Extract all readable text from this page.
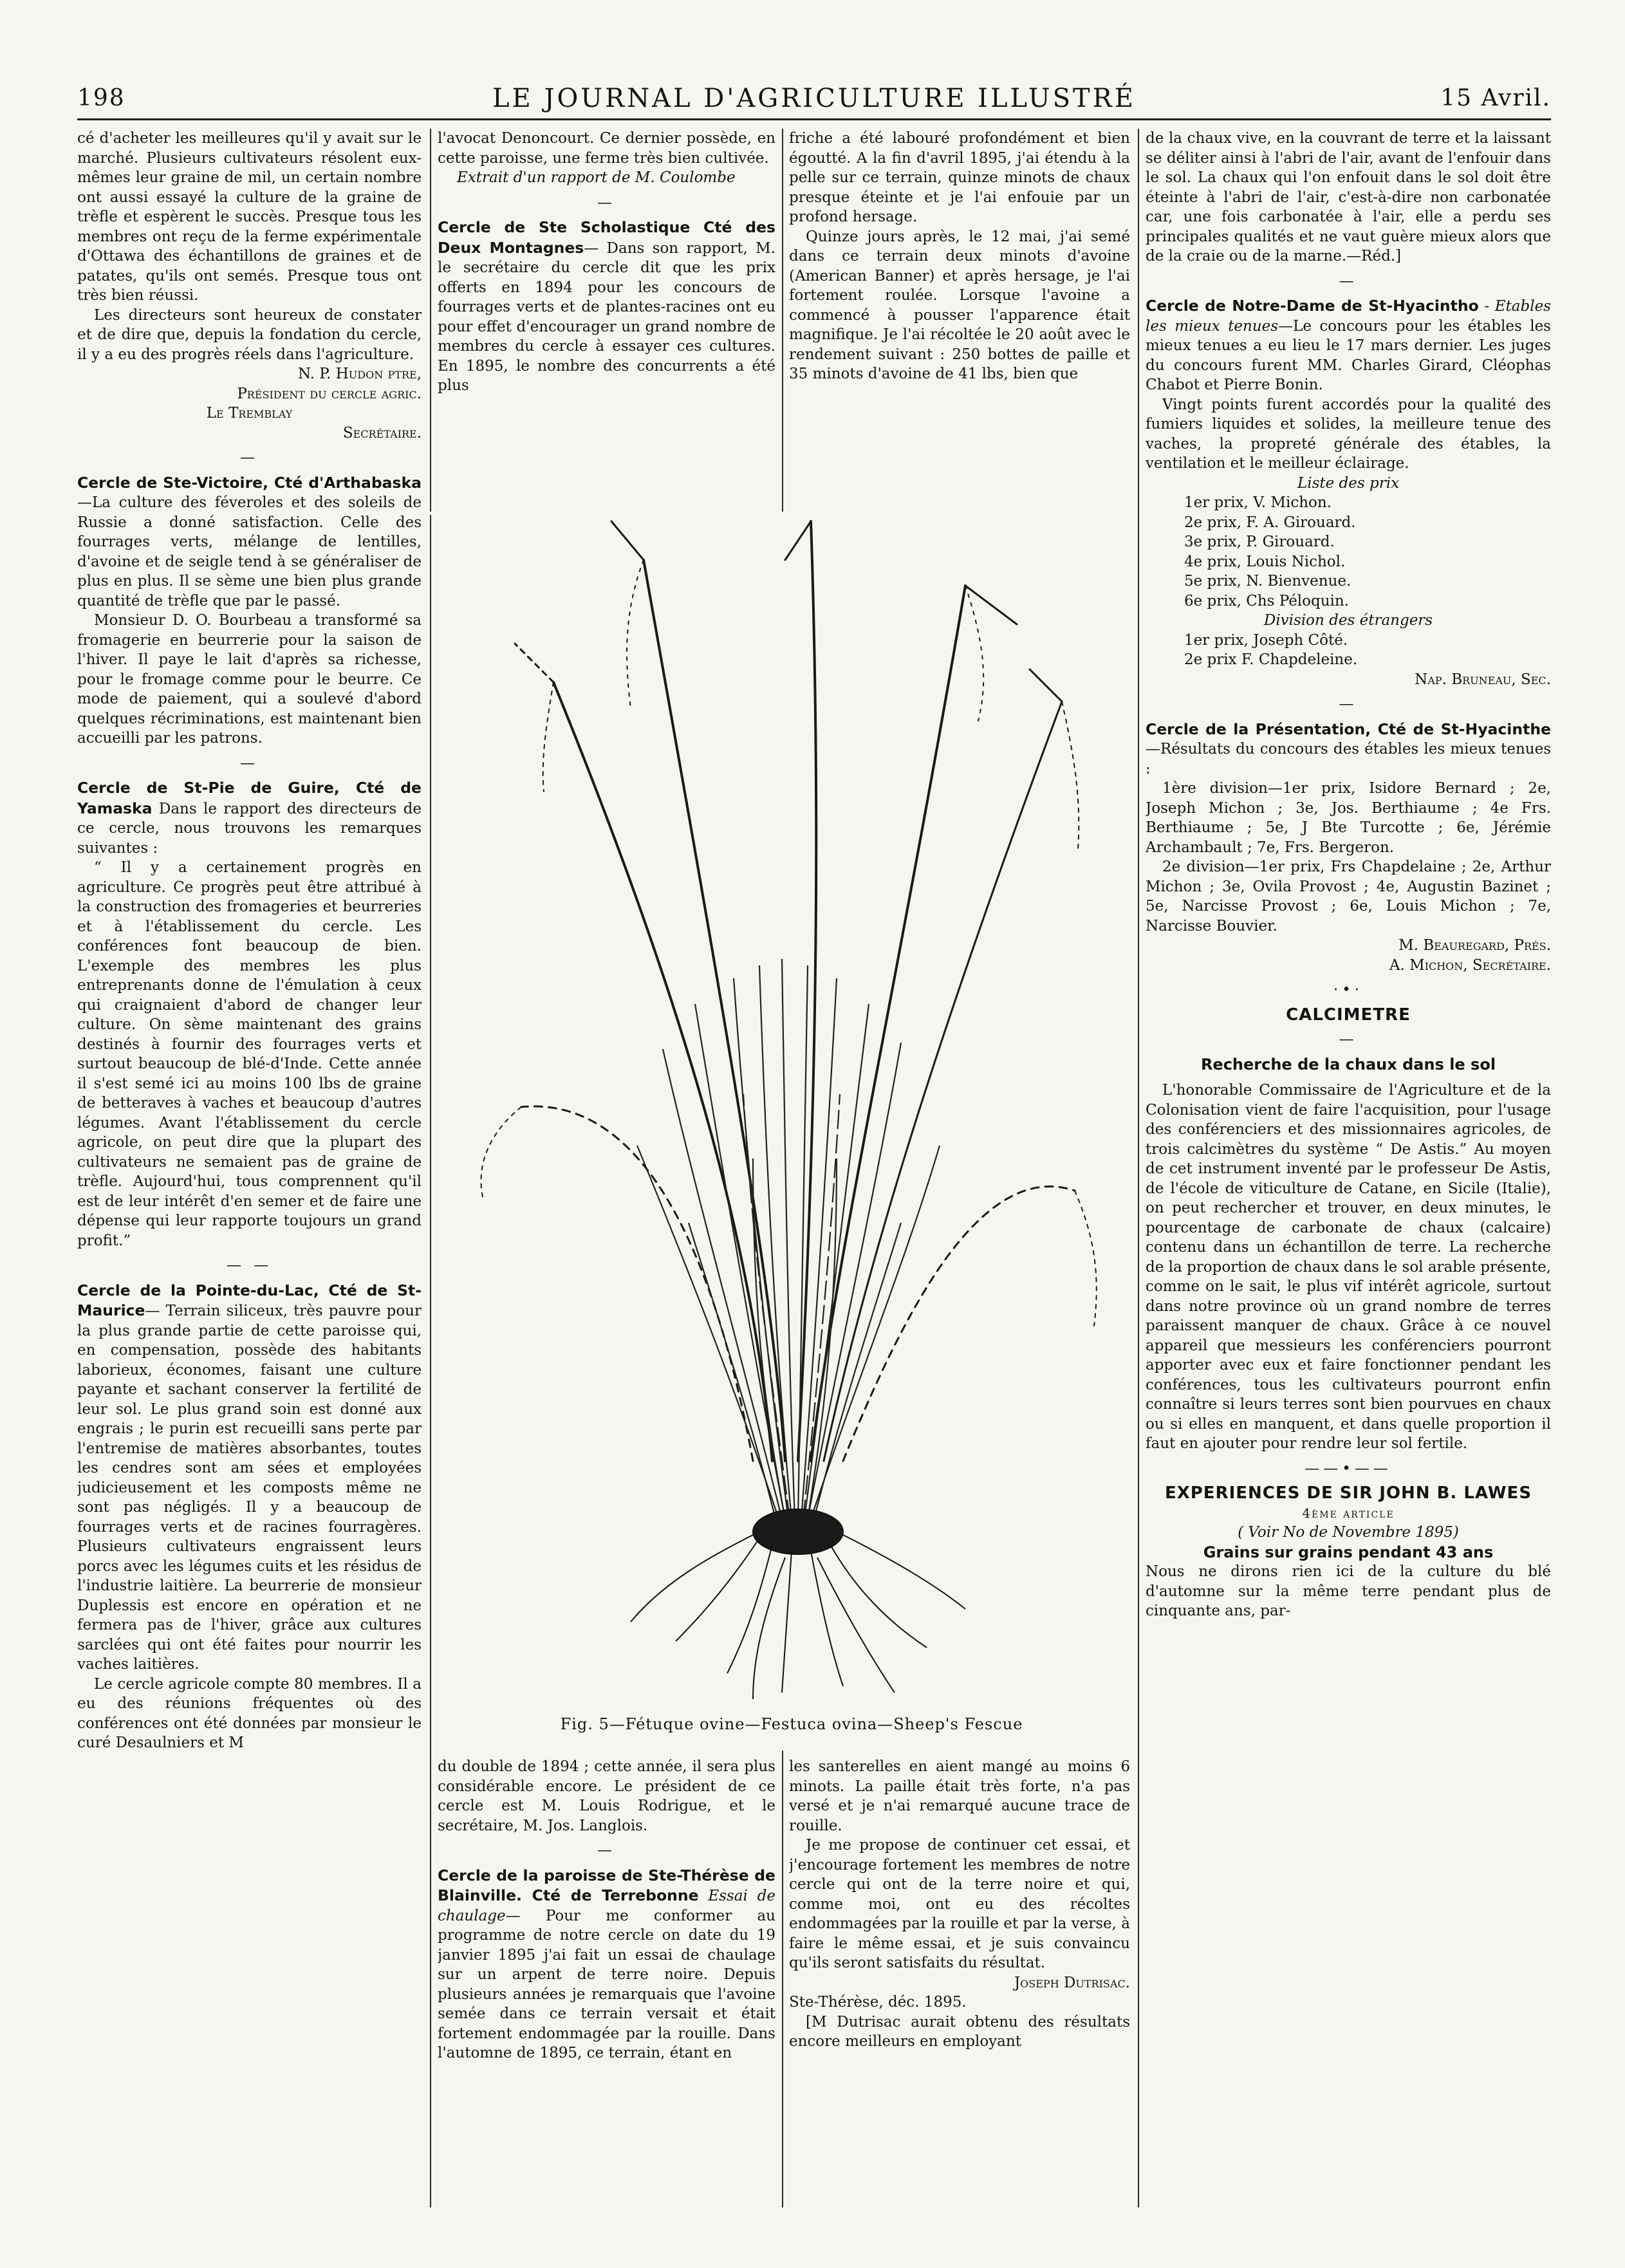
198	LE JOURNAL D'AGRICULTURE ILLUSTRÉ	15 Avril.

cé d'acheter les meilleures qu'il y avait sur le marché. Plusieurs cultivateurs résolent eux-mêmes leur graine de mil, un certain nombre ont aussi essayé la culture de la graine de trèfle et espèrent le succès. Presque tous les membres ont reçu de la ferme expérimentale d'Ottawa des échantillons de graines et de patates, qu'ils ont semés. Presque tous ont très bien réussi.

Les directeurs sont heureux de constater et de dire que, depuis la fondation du cercle, il y a eu des progrès réels dans l'agriculture.

N. P. Hudon ptre,

Président du cercle agric.

Le Tremblay

Secrétaire.

—

Cercle de Ste-Victoire, Cté d'Arthabaska—La culture des féveroles et des soleils de Russie a donné satisfaction. Celle des fourrages verts, mélange de lentilles, d'avoine et de seigle tend à se généraliser de plus en plus. Il se sème une bien plus grande quantité de trèfle que par le passé.

Monsieur D. O. Bourbeau a transformé sa fromagerie en beurrerie pour la saison de l'hiver. Il paye le lait d'après sa richesse, pour le fromage comme pour le beurre. Ce mode de paiement, qui a soulevé d'abord quelques récriminations, est maintenant bien accueilli par les patrons.

—

Cercle de St-Pie de Guire, Cté de Yamaska Dans le rapport des directeurs de ce cercle, nous trouvons les remarques suivantes :

“ Il y a certainement progrès en agriculture. Ce progrès peut être attribué à la construction des fromageries et beurreries et à l'établissement du cercle. Les conférences font beaucoup de bien. L'exemple des membres les plus entreprenants donne de l'émulation à ceux qui craignaient d'abord de changer leur culture. On sème maintenant des grains destinés à fournir des fourrages verts et surtout beaucoup de blé-d'Inde. Cette année il s'est semé ici au moins 100 lbs de graine de betteraves à vaches et beaucoup d'autres légumes. Avant l'établissement du cercle agricole, on peut dire que la plupart des cultivateurs ne semaient pas de graine de trèfle. Aujourd'hui, tous comprennent qu'il est de leur intérêt d'en semer et de faire une dépense qui leur rapporte toujours un grand profit.”

— —

Cercle de la Pointe-du-Lac, Cté de St-Maurice— Terrain siliceux, très pauvre pour la plus grande partie de cette paroisse qui, en compensation, possède des habitants laborieux, économes, faisant une culture payante et sachant conserver la fertilité de leur sol. Le plus grand soin est donné aux engrais ; le purin est recueilli sans perte par l'entremise de matières absorbantes, toutes les cendres sont am sées et employées judicieusement et les composts même ne sont pas négligés. Il y a beaucoup de fourrages verts et de racines fourragères. Plusieurs cultivateurs engraissent leurs porcs avec les légumes cuits et les résidus de l'industrie laitière. La beurrerie de monsieur Duplessis est encore en opération et ne fermera pas de l'hiver, grâce aux cultures sarclées qui ont été faites pour nourrir les vaches laitières.

Le cercle agricole compte 80 membres. Il a eu des réunions fréquentes où des conférences ont été données par monsieur le curé Desaulniers et M

l'avocat Denoncourt. Ce dernier possède, en cette paroisse, une ferme très bien cultivée.

Extrait d'un rapport de M. Coulombe

—

Cercle de Ste Scholastique Cté des Deux Montagnes— Dans son rapport, M. le secrétaire du cercle dit que les prix offerts en 1894 pour les concours de fourrages verts et de plantes-racines ont eu pour effet d'encourager un grand nombre de membres du cercle à essayer ces cultures. En 1895, le nombre des concurrents a été plus

friche a été labouré profondément et bien égoutté. A la fin d'avril 1895, j'ai étendu à la pelle sur ce terrain, quinze minots de chaux presque éteinte et je l'ai enfouie par un profond hersage.

Quinze jours après, le 12 mai, j'ai semé dans ce terrain deux minots d'avoine (American Banner) et après hersage, je l'ai fortement roulée. Lorsque l'avoine a commencé à pousser l'apparence était magnifique. Je l'ai récoltée le 20 août avec le rendement suivant : 250 bottes de paille et 35 minots d'avoine de 41 lbs, bien que

Fig. 5—Fétuque ovine—Festuca ovina—Sheep's Fescue

du double de 1894 ; cette année, il sera plus considérable encore. Le président de ce cercle est M. Louis Rodrigue, et le secrétaire, M. Jos. Langlois.

—

Cercle de la paroisse de Ste-Thérèse de Blainville. Cté de Terrebonne Essai de chaulage— Pour me conformer au programme de notre cercle on date du 19 janvier 1895 j'ai fait un essai de chaulage sur un arpent de terre noire. Depuis plusieurs années je remarquais que l'avoine semée dans ce terrain versait et était fortement endommagée par la rouille. Dans l'automne de 1895, ce terrain, étant en

les santerelles en aient mangé au moins 6 minots. La paille était très forte, n'a pas versé et je n'ai remarqué aucune trace de rouille.

Je me propose de continuer cet essai, et j'encourage fortement les membres de notre cercle qui ont de la terre noire et qui, comme moi, ont eu des récoltes endommagées par la rouille et par la verse, à faire le même essai, et je suis convaincu qu'ils seront satisfaits du résultat.

Joseph Dutrisac.

Ste-Thérèse, déc. 1895.

[M Dutrisac aurait obtenu des résultats encore meilleurs en employant

de la chaux vive, en la couvrant de terre et la laissant se déliter ainsi à l'abri de l'air, avant de l'enfouir dans le sol. La chaux qui l'on enfouit dans le sol doit être éteinte à l'abri de l'air, c'est-à-dire non carbonatée car, une fois carbonatée à l'air, elle a perdu ses principales qualités et ne vaut guère mieux alors que de la craie ou de la marne.—Réd.]

—

Cercle de Notre-Dame de St-Hyacintho - Etables les mieux tenues—Le concours pour les étables les mieux tenues a eu lieu le 17 mars dernier. Les juges du concours furent MM. Charles Girard, Cléophas Chabot et Pierre Bonin.

Vingt points furent accordés pour la qualité des fumiers liquides et solides, la meilleure tenue des vaches, la propreté générale des étables, la ventilation et le meilleur éclairage.

Liste des prix

1er prix, V. Michon.
2e prix, F. A. Girouard.
3e prix, P. Girouard.
4e prix, Louis Nichol.
5e prix, N. Bienvenue.
6e prix, Chs Péloquin.

Division des étrangers

1er prix, Joseph Côté.
2e prix F. Chapdeleine.

Nap. Bruneau, Sec.

—

Cercle de la Présentation, Cté de St-Hyacinthe—Résultats du concours des étables les mieux tenues :

1ère division—1er prix, Isidore Bernard ; 2e, Joseph Michon ; 3e, Jos. Berthiaume ; 4e Frs. Berthiaume ; 5e, J Bte Turcotte ; 6e, Jérémie Archambault ; 7e, Frs. Bergeron.

2e division—1er prix, Frs Chapdelaine ; 2e, Arthur Michon ; 3e, Ovila Provost ; 4e, Augustin Bazinet ; 5e, Narcisse Provost ; 6e, Louis Michon ; 7e, Narcisse Bouvier.

M. Beauregard, Prés.

A. Michon, Secrétaire.

·•·

CALCIMETRE

—

Recherche de la chaux dans le sol

L'honorable Commissaire de l'Agriculture et de la Colonisation vient de faire l'acquisition, pour l'usage des conférenciers et des missionnaires agricoles, de trois calcimètres du système “ De Astis.” Au moyen de cet instrument inventé par le professeur De Astis, de l'école de viticulture de Catane, en Sicile (Italie), on peut rechercher et trouver, en deux minutes, le pourcentage de carbonate de chaux (calcaire) contenu dans un échantillon de terre. La recherche de la proportion de chaux dans le sol arable présente, comme on le sait, le plus vif intérêt agricole, surtout dans notre province où un grand nombre de terres paraissent manquer de chaux. Grâce à ce nouvel appareil que messieurs les conférenciers pourront apporter avec eux et faire fonctionner pendant les conférences, tous les cultivateurs pourront enfin connaître si leurs terres sont bien pourvues en chaux ou si elles en manquent, et dans quelle proportion il faut en ajouter pour rendre leur sol fertile.

——•——

EXPERIENCES DE SIR JOHN B. LAWES

4ème article

( Voir No de Novembre 1895)

Grains sur grains pendant 43 ans

Nous ne dirons rien ici de la culture du blé d'automne sur la même terre pendant plus de cinquante ans, par-
